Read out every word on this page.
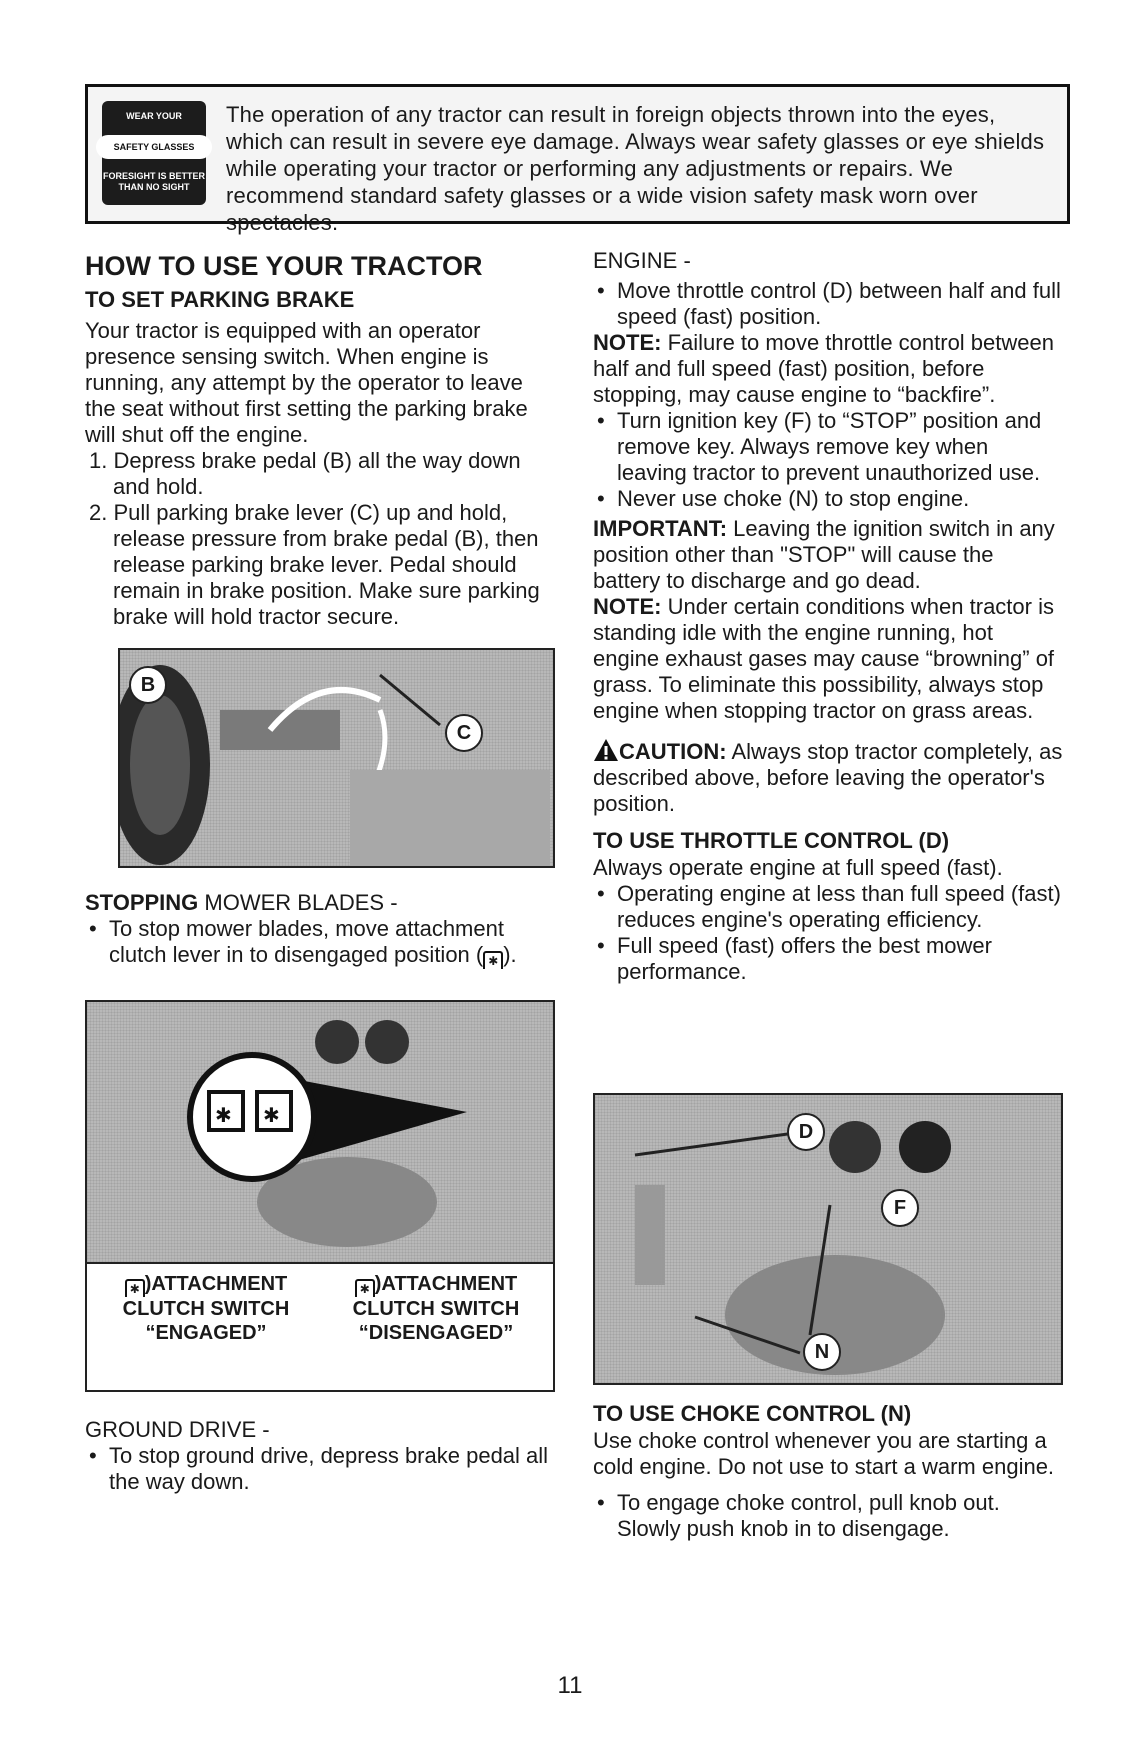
WEAR YOUR
SAFETY GLASSES
FORESIGHT IS BETTER THAN NO SIGHT
The operation of any tractor can result in foreign objects thrown into the eyes, which can result in severe eye damage. Always wear safety glasses or eye shields while operating your tractor or performing any adjustments or repairs. We recommend standard safety glasses or a wide vision safety mask worn over spectacles.
HOW TO USE YOUR TRACTOR
TO SET PARKING BRAKE

Your tractor is equipped with an operator presence sensing switch. When engine is running, any attempt by the operator to leave the seat without first setting the parking brake will shut off the engine.

1. Depress brake pedal (B) all the way down and hold.

2. Pull parking brake lever (C) up and hold, release pressure from brake pedal (B), then release parking brake lever. Pedal should remain in brake position. Make sure parking brake will hold tractor secure.

B
C

STOPPING MOWER BLADES -

• To stop mower blades, move attachment clutch lever in to disengaged position ( ✱ ).

✱ ✱
✱ )ATTACHMENT CLUTCH SWITCH “ENGAGED”
✱ )ATTACHMENT CLUTCH SWITCH “DISENGAGED”

GROUND DRIVE -

• To stop ground drive, depress brake pedal all the way down.

ENGINE -

• Move throttle control (D) between half and full speed (fast) position.

NOTE: Failure to move throttle control between half and full speed (fast) position, before stopping, may cause engine to “backfire”.

• Turn ignition key (F) to “STOP” position and remove key. Always remove key when leaving tractor to prevent unauthorized use.

• Never use choke (N) to stop engine.

IMPORTANT: Leaving the ignition switch in any position other than "STOP" will cause the battery to discharge and go dead.

NOTE: Under certain conditions when tractor is standing idle with the engine running, hot engine exhaust gases may cause “browning” of grass. To eliminate this possibility, always stop engine when stopping tractor on grass areas.

CAUTION: Always stop tractor completely, as described above, before leaving the operator's position.

TO USE THROTTLE CONTROL (D)

Always operate engine at full speed (fast).

• Operating engine at less than full speed (fast) reduces engine's operating efficiency.

• Full speed (fast) offers the best mower performance.

D
F
N
TO USE CHOKE CONTROL (N)

Use choke control whenever you are starting a cold engine. Do not use to start a warm engine.

• To engage choke control, pull knob out. Slowly push knob in to disengage.

11
